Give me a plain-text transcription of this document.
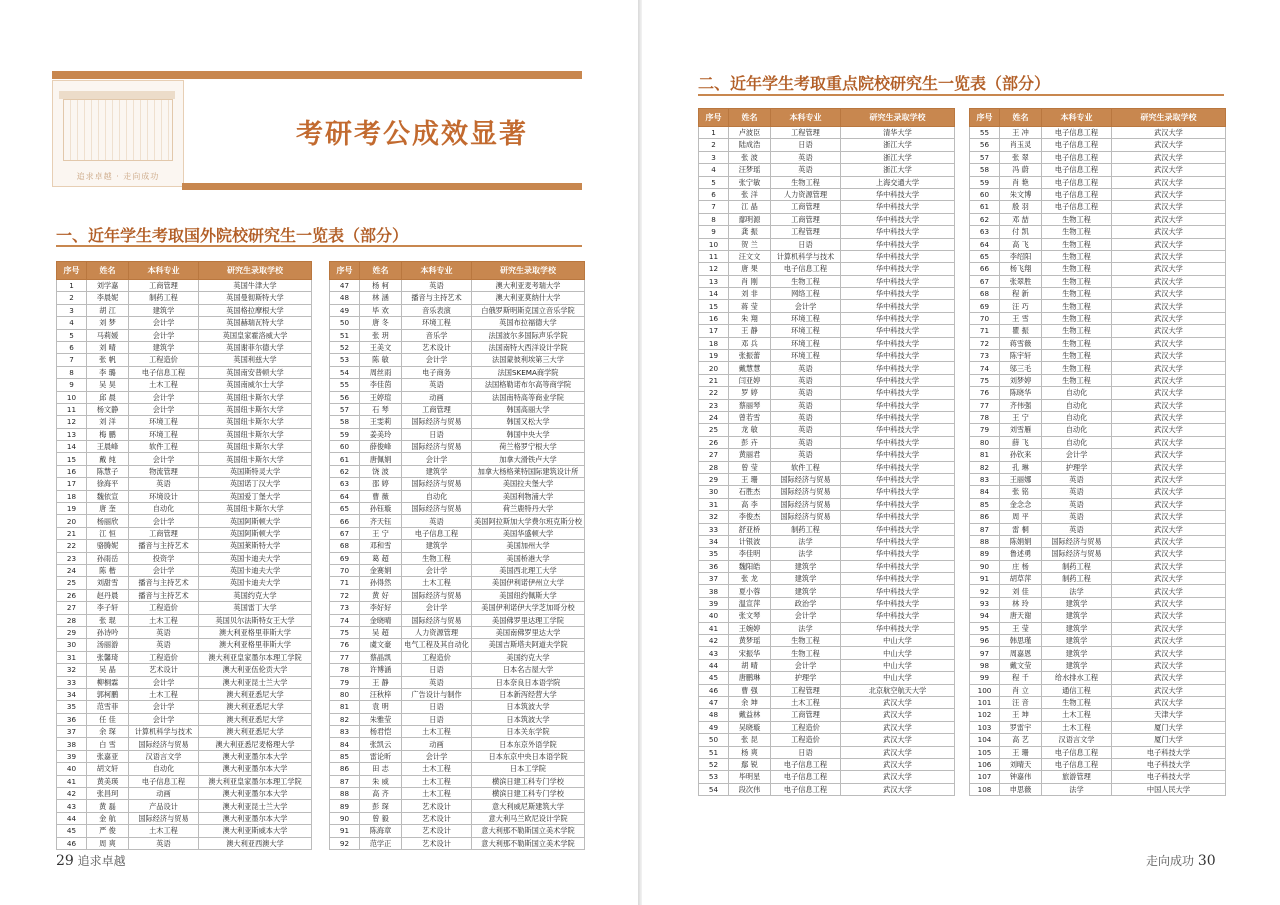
追求卓越 · 走向成功
考研考公成效显著
一、近年学生考取国外院校研究生一览表（部分）
序号	姓名	本科专业	研究生录取学校
1	刘学嘉	工商管理	英国牛津大学
2	李晨妮	制药工程	英国曼彻斯特大学
3	胡 江	建筑学	英国格拉摩根大学
4	刘 梦	会计学	英国赫瑞瓦特大学
5	马莉媛	会计学	英国皇家霍洛威大学
6	刘 晴	建筑学	英国谢菲尔德大学
7	张 帆	工程造价	英国利兹大学
8	李 璐	电子信息工程	英国南安普顿大学
9	吴 昊	土木工程	英国南威尔士大学
10	邱 晨	会计学	英国纽卡斯尔大学
11	杨文静	会计学	英国纽卡斯尔大学
12	刘 洋	环境工程	英国纽卡斯尔大学
13	梅 鹏	环境工程	英国纽卡斯尔大学
14	王晨峰	软件工程	英国纽卡斯尔大学
15	戴 纯	会计学	英国纽卡斯尔大学
16	陈慧子	物流管理	英国斯特灵大学
17	徐海平	英语	英国诺丁汉大学
18	魏依宣	环境设计	英国爱丁堡大学
19	唐 奎	自动化	英国纽卡斯尔大学
20	杨丽欣	会计学	英国阿斯顿大学
21	江 恒	工商管理	英国阿斯顿大学
22	骆腾妮	播音与主持艺术	英国莱斯特大学
23	孙雨岳	投资学	英国卡迪夫大学
24	陈 楷	会计学	英国卡迪夫大学
25	刘甜雪	播音与主持艺术	英国卡迪夫大学
26	赵丹晨	播音与主持艺术	英国约克大学
27	李子轩	工程造价	英国雷丁大学
28	张 琨	土木工程	英国贝尔法斯特女王大学
29	孙诗吟	英语	澳大利亚格里菲斯大学
30	汤丽游	英语	澳大利亚格里菲斯大学
31	张馨琦	工程造价	澳大利亚皇家墨尔本理工学院
32	吴 晶	艺术设计	澳大利亚伍伦贡大学
33	柳桐霖	会计学	澳大利亚昆士兰大学
34	郭柯鹏	土木工程	澳大利亚悉尼大学
35	范雪菲	会计学	澳大利亚悉尼大学
36	任 佳	会计学	澳大利亚悉尼大学
37	余 琛	计算机科学与技术	澳大利亚悉尼大学
38	白 雪	国际经济与贸易	澳大利亚悉尼麦格理大学
39	张嘉亚	汉语言文学	澳大利亚墨尔本大学
40	胡文轩	自动化	澳大利亚墨尔本大学
41	黄美瑛	电子信息工程	澳大利亚皇家墨尔本理工学院
42	张昌珂	动画	澳大利亚墨尔本大学
43	黄 磊	产品设计	澳大利亚昆士兰大学
44	金 航	国际经济与贸易	澳大利亚墨尔本大学
45	严 俊	土木工程	澳大利亚斯威本大学
46	周 爽	英语	澳大利亚西澳大学
序号	姓名	本科专业	研究生录取学校
47	杨 柯	英语	澳大利亚麦考瑞大学
48	林 涵	播音与主持艺术	澳大利亚莫纳什大学
49	毕 欢	音乐表演	白俄罗斯明斯克国立音乐学院
50	唐 冬	环境工程	英国布拉福德大学
51	张 玥	音乐学	法国波尔多国际声乐学院
52	王美文	艺术设计	法国南特大西洋设计学院
53	陈 敏	会计学	法国蒙彼利埃第三大学
54	周丝雨	电子商务	法国SKEMA商学院
55	李佳茵	英语	法国格勒诺布尔高等商学院
56	王婷瑄	动画	法国南特高等商业学院
57	石 琴	工商管理	韩国高丽大学
58	王雯莉	国际经济与贸易	韩国又松大学
59	姜美玲	日语	韩国中央大学
60	薛俊峰	国际经济与贸易	荷兰格罗宁根大学
61	唐佩娟	会计学	加拿大滑铁卢大学
62	饶 波	建筑学	加拿大杨格莱特国际建筑设计所
63	邵 婷	国际经济与贸易	美国拉夫堡大学
64	曹 薇	自动化	美国利物浦大学
65	孙钰璇	国际经济与贸易	荷兰鹿特丹大学
66	齐天钰	英语	美国阿拉斯加大学费尔班克斯分校
67	王 宁	电子信息工程	美国华盛顿大学
68	邓和雪	建筑学	美国加州大学
69	葛 超	生物工程	美国桥港大学
70	金赛娟	会计学	美国西北理工大学
71	孙得然	土木工程	美国伊利诺伊州立大学
72	黄 好	国际经济与贸易	美国纽约佩斯大学
73	李好好	会计学	美国伊利诺伊大学芝加哥分校
74	金晓晴	国际经济与贸易	美国佛罗里达理工学院
75	吴 超	人力资源管理	美国南佛罗里达大学
76	虞文豪	电气工程及其自动化	美国吉斯塔夫阿道夫学院
77	蔡晶凯	工程造价	美国约克大学
78	许博涵	日语	日本名古屋大学
79	王 静	英语	日本奈良日本语学院
80	汪秋梓	广告设计与制作	日本新泻经营大学
81	袁 明	日语	日本筑波大学
82	朱雅莹	日语	日本筑波大学
83	杨君恺	土木工程	日本关东学院
84	张凯云	动画	日本东京外语学院
85	雷论昕	会计学	日本东京中央日本语学院
86	田 志	土木工程	日本工学院
87	朱 威	土木工程	横滨日建工科专门学校
88	高 齐	土木工程	横滨日建工科专门学校
89	彭 琛	艺术设计	意大利威尼斯建筑大学
90	曾 毅	艺术设计	意大利马兰欧尼设计学院
91	陈海章	艺术设计	意大利那不勒斯国立美术学院
92	范学正	艺术设计	意大利那不勒斯国立美术学院
29 追求卓越
二、近年学生考取重点院校研究生一览表（部分）
序号	姓名	本科专业	研究生录取学校
1	卢波臣	工程管理	清华大学
2	陆成浩	日语	浙江大学
3	张 波	英语	浙江大学
4	汪梦瑶	英语	浙江大学
5	张宁敏	生物工程	上海交通大学
6	张 洋	人力资源管理	华中科技大学
7	江 晶	工商管理	华中科技大学
8	鄢明源	工商管理	华中科技大学
9	龚 振	工程管理	华中科技大学
10	贺 兰	日语	华中科技大学
11	汪文文	计算机科学与技术	华中科技大学
12	唐 果	电子信息工程	华中科技大学
13	肖 刚	生物工程	华中科技大学
14	刘 非	网络工程	华中科技大学
15	蒋 莹	会计学	华中科技大学
16	朱 翔	环境工程	华中科技大学
17	王 静	环境工程	华中科技大学
18	邓 兵	环境工程	华中科技大学
19	张振蕾	环境工程	华中科技大学
20	戴慧慧	英语	华中科技大学
21	闫亚婷	英语	华中科技大学
22	罗 婷	英语	华中科技大学
23	蔡丽琴	英语	华中科技大学
24	曾若雪	英语	华中科技大学
25	龙 敏	英语	华中科技大学
26	彭 卉	英语	华中科技大学
27	黄丽君	英语	华中科技大学
28	曾 莹	软件工程	华中科技大学
29	王 珊	国际经济与贸易	华中科技大学
30	石胜杰	国际经济与贸易	华中科技大学
31	高 李	国际经济与贸易	华中科技大学
32	李俊杰	国际经济与贸易	华中科技大学
33	舒亚桥	制药工程	华中科技大学
34	计银波	法学	华中科技大学
35	李佳明	法学	华中科技大学
36	魏阳皓	建筑学	华中科技大学
37	张 龙	建筑学	华中科技大学
38	夏小蓉	建筑学	华中科技大学
39	温宣萍	政治学	华中科技大学
40	张文琴	会计学	华中科技大学
41	王婉婷	法学	华中科技大学
42	黄梦瑶	生物工程	中山大学
43	宋振华	生物工程	中山大学
44	胡 晴	会计学	中山大学
45	唐鹏琳	护理学	中山大学
46	曹 强	工程管理	北京航空航天大学
47	余 坤	土木工程	武汉大学
48	戴益林	工商管理	武汉大学
49	吴晓璇	工程造价	武汉大学
50	张 昆	工程造价	武汉大学
51	杨 爽	日语	武汉大学
52	鄢 锐	电子信息工程	武汉大学
53	毕明星	电子信息工程	武汉大学
54	段次伟	电子信息工程	武汉大学
序号	姓名	本科专业	研究生录取学校
55	王 冲	电子信息工程	武汉大学
56	肖玉灵	电子信息工程	武汉大学
57	张 翠	电子信息工程	武汉大学
58	冯 蔚	电子信息工程	武汉大学
59	肖 艳	电子信息工程	武汉大学
60	朱文博	电子信息工程	武汉大学
61	殷 羽	电子信息工程	武汉大学
62	邓 喆	生物工程	武汉大学
63	付 凯	生物工程	武汉大学
64	高 飞	生物工程	武汉大学
65	李绍阳	生物工程	武汉大学
66	杨飞翔	生物工程	武汉大学
67	张翠胜	生物工程	武汉大学
68	程 新	生物工程	武汉大学
69	汪 巧	生物工程	武汉大学
70	王 雪	生物工程	武汉大学
71	瞿 振	生物工程	武汉大学
72	蒋雪薇	生物工程	武汉大学
73	陈宇轩	生物工程	武汉大学
74	邬三毛	生物工程	武汉大学
75	刘梦婷	生物工程	武汉大学
76	陈晓华	自动化	武汉大学
77	齐伟强	自动化	武汉大学
78	王 宁	自动化	武汉大学
79	刘雪雁	自动化	武汉大学
80	薛 飞	自动化	武汉大学
81	孙钦来	会计学	武汉大学
82	孔 琳	护理学	武汉大学
83	王丽娜	英语	武汉大学
84	张 铭	英语	武汉大学
85	金念念	英语	武汉大学
86	周 平	英语	武汉大学
87	雷 桐	英语	武汉大学
88	陈娟娟	国际经济与贸易	武汉大学
89	鲁述勇	国际经济与贸易	武汉大学
90	庄 杨	制药工程	武汉大学
91	胡草萍	制药工程	武汉大学
92	刘 佳	法学	武汉大学
93	林 玲	建筑学	武汉大学
94	唐天谢	建筑学	武汉大学
95	王 莹	建筑学	武汉大学
96	韩思瑾	建筑学	武汉大学
97	周嘉恩	建筑学	武汉大学
98	戴文莹	建筑学	武汉大学
99	程 千	给水排水工程	武汉大学
100	肖 立	通信工程	武汉大学
101	汪 音	生物工程	武汉大学
102	王 坤	土木工程	天津大学
103	罗雷宇	土木工程	厦门大学
104	高 艺	汉语言文学	厦门大学
105	王 珊	电子信息工程	电子科技大学
106	刘晴天	电子信息工程	电子科技大学
107	钟嘉伟	旅游管理	电子科技大学
108	申思薇	法学	中国人民大学
走向成功 30
